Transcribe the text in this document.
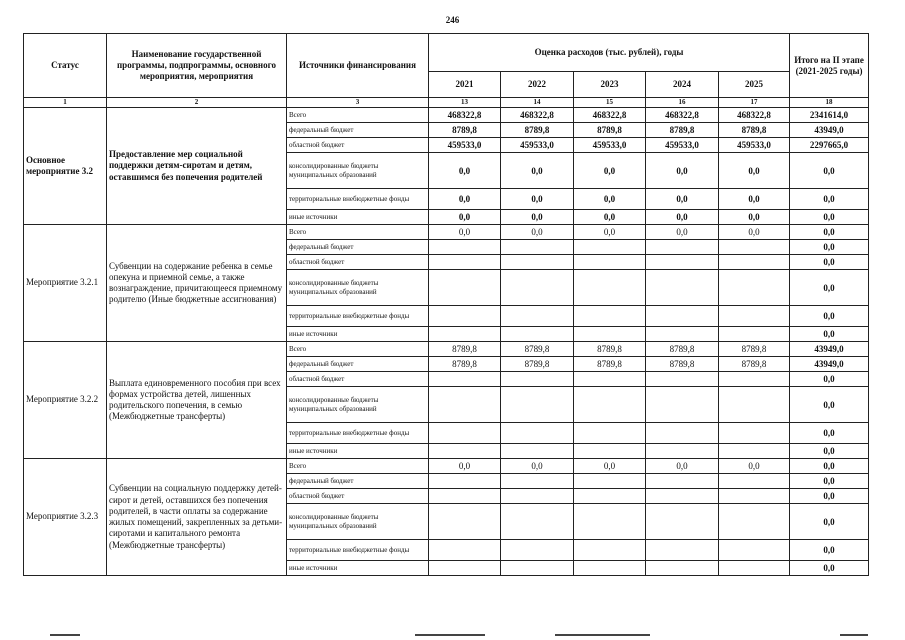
246
Статус	Наименование государственной программы, подпрограммы, основного мероприятия, мероприятия	Источники финансирования	Оценка расходов (тыс. рублей), годы					Итого на II этапе (2021-2025 годы)
			2021	2022	2023	2024	2025	
1	2	3	13	14	15	16	17	18
Основное мероприятие 3.2	Предоставление мер социальной поддержки детям-сиротам и детям, оставшимся без попечения родителей	Всего	468322,8	468322,8	468322,8	468322,8	468322,8	2341614,0
		федеральный бюджет	8789,8	8789,8	8789,8	8789,8	8789,8	43949,0
		областной бюджет	459533,0	459533,0	459533,0	459533,0	459533,0	2297665,0
		консолидированные бюджеты муниципальных образований	0,0	0,0	0,0	0,0	0,0	0,0
		территориальные внебюджетные фонды	0,0	0,0	0,0	0,0	0,0	0,0
		иные источники	0,0	0,0	0,0	0,0	0,0	0,0
Мероприятие 3.2.1	Субвенции на содержание ребенка в семье опекуна и приемной семье, а также вознаграждение, причитающееся приемному родителю (Иные бюджетные ассигнования)	Всего	0,0	0,0	0,0	0,0	0,0	0,0
		федеральный бюджет						0,0
		областной бюджет						0,0
		консолидированные бюджеты муниципальных образований						0,0
		территориальные внебюджетные фонды						0,0
		иные источники						0,0
Мероприятие 3.2.2	Выплата единовременного пособия при всех формах устройства детей, лишенных родительского попечения, в семью (Межбюджетные трансферты)	Всего	8789,8	8789,8	8789,8	8789,8	8789,8	43949,0
		федеральный бюджет	8789,8	8789,8	8789,8	8789,8	8789,8	43949,0
		областной бюджет						0,0
		консолидированные бюджеты муниципальных образований						0,0
		территориальные внебюджетные фонды						0,0
		иные источники						0,0
Мероприятие 3.2.3	Субвенции на социальную поддержку детей-сирот и детей, оставшихся без попечения родителей, в части оплаты за содержание жилых помещений, закрепленных за детьми-сиротами и капитального ремонта (Межбюджетные трансферты)	Всего	0,0	0,0	0,0	0,0	0,0	0,0
		федеральный бюджет						0,0
		областной бюджет						0,0
		консолидированные бюджеты муниципальных образований						0,0
		территориальные внебюджетные фонды						0,0
		иные источники						0,0
